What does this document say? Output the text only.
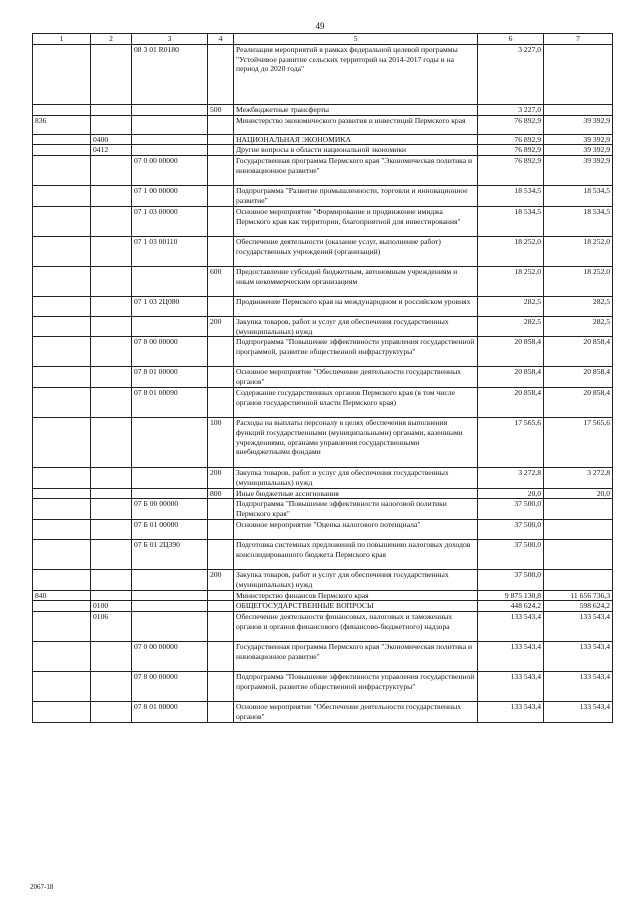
49
1	2	3	4	5	6	7
		08 3 01 R0180		Реализация мероприятий в рамках федеральной целевой программы "Устойчивое развитие сельских территорий на 2014-2017 годы и на период до 2020 года"	3 227,0	
			500	Межбюджетные трансферты	3 227,0	
836				Министерство экономического развития и инвестиций Пермского края	76 892,9	39 392,9
	0400			НАЦИОНАЛЬНАЯ ЭКОНОМИКА	76 892,9	39 392,9
	0412			Другие вопросы в области национальной экономики	76 892,9	39 392,9
		07 0 00 00000		Государственная программа Пермского края "Экономическая политика и инновационное развитие"	76 892,9	39 392,9
		07 1 00 00000		Подпрограмма "Развитие промышленности, торговли и инновационное развитие"	18 534,5	18 534,5
		07 1 03 00000		Основное мероприятие "Формирование и продвижение имиджа Пермского края как территории, благоприятной для инвестирования"	18 534,5	18 534,5
		07 1 03 00110		Обеспечение деятельности (оказание услуг, выполнение работ) государственных учреждений (организаций)	18 252,0	18 252,0
			600	Предоставление субсидий бюджетным, автономным учреждениям и иным некоммерческим организациям	18 252,0	18 252,0
		07 1 03 2Ц080		Продвижение Пермского края на международном и российском уровнях	282,5	282,5
			200	Закупка товаров, работ и услуг для обеспечения государственных (муниципальных) нужд	282,5	282,5
		07 8 00 00000		Подпрограмма "Повышение эффективности управления государственной программой, развитие общественной инфраструктуры"	20 858,4	20 858,4
		07 8 01 00000		Основное мероприятие "Обеспечение деятельности государственных органов"	20 858,4	20 858,4
		07 8 01 00090		Содержание государственных органов Пермского края (в том числе органов государственной власти Пермского края)	20 858,4	20 858,4
			100	Расходы на выплаты персоналу в целях обеспечения выполнения функций государственными (муниципальными) органами, казенными учреждениями, органами управления государственными внебюджетными фондами	17 565,6	17 565,6
			200	Закупка товаров, работ и услуг для обеспечения государственных (муниципальных) нужд	3 272,8	3 272,8
			800	Иные бюджетные ассигнования	20,0	20,0
		07 Б 00 00000		Подпрограмма "Повышение эффективности налоговой политики Пермского края"	37 500,0	
		07 Б 01 00000		Основное мероприятие "Оценка налогового потенциала"	37 500,0	
		07 Б 01 2Ц390		Подготовка системных предложений по повышению налоговых доходов консолидированного бюджета Пермского края	37 500,0	
			200	Закупка товаров, работ и услуг для обеспечения государственных (муниципальных) нужд	37 500,0	
840				Министерство финансов Пермского края	9 875 130,8	11 656 736,3
	0100			ОБЩЕГОСУДАРСТВЕННЫЕ ВОПРОСЫ	448 624,2	598 624,2
	0106			Обеспечение деятельности финансовых, налоговых и таможенных органов и органов финансового (финансово-бюджетного) надзора	133 543,4	133 543,4
		07 0 00 00000		Государственная программа Пермского края "Экономическая политика и инновационное развитие"	133 543,4	133 543,4
		07 8 00 00000		Подпрограмма "Повышение эффективности управления государственной программой, развитие общественной инфраструктуры"	133 543,4	133 543,4
		07 8 01 00000		Основное мероприятие "Обеспечение деятельности государственных органов"	133 543,4	133 543,4
2067-18
